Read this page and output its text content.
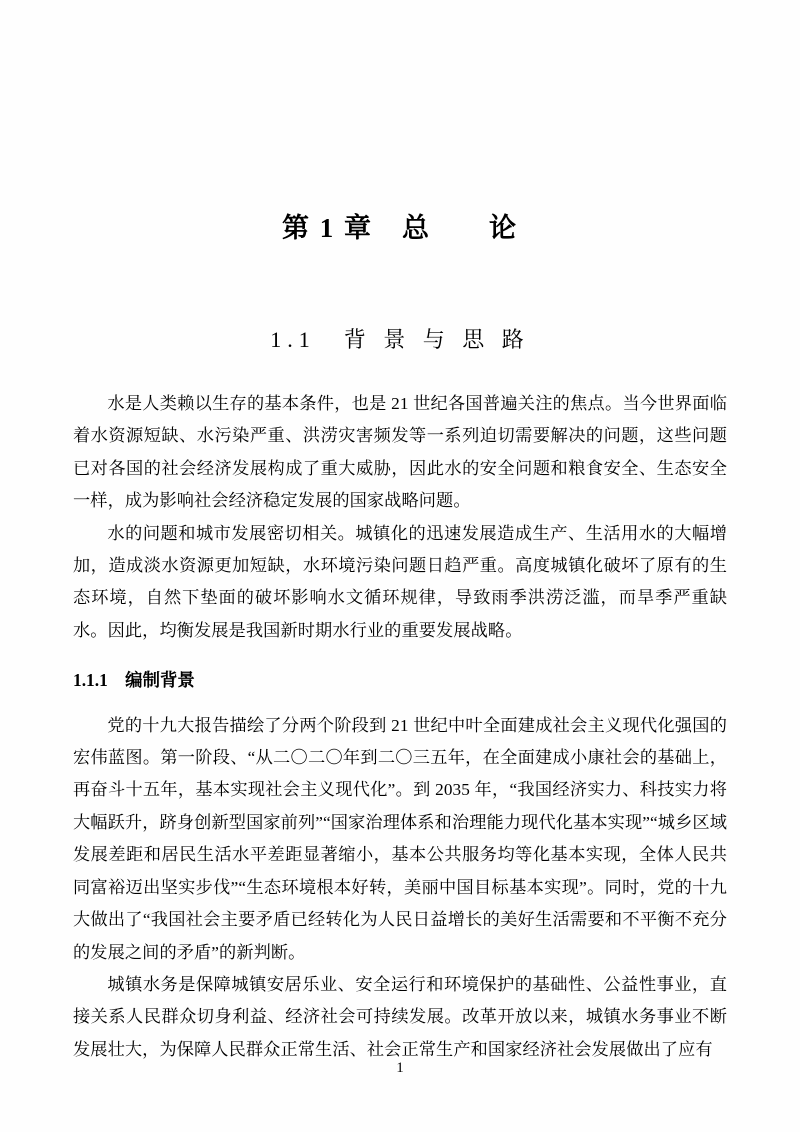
第 1 章　总　　论
1.1　背 景 与 思 路

水是人类赖以生存的基本条件，也是 21 世纪各国普遍关注的焦点。当今世界面临着水资源短缺、水污染严重、洪涝灾害频发等一系列迫切需要解决的问题，这些问题已对各国的社会经济发展构成了重大威胁，因此水的安全问题和粮食安全、生态安全一样，成为影响社会经济稳定发展的国家战略问题。

水的问题和城市发展密切相关。城镇化的迅速发展造成生产、生活用水的大幅增加，造成淡水资源更加短缺，水环境污染问题日趋严重。高度城镇化破坏了原有的生态环境，自然下垫面的破坏影响水文循环规律，导致雨季洪涝泛滥，而旱季严重缺水。因此，均衡发展是我国新时期水行业的重要发展战略。

1.1.1　编制背景

党的十九大报告描绘了分两个阶段到 21 世纪中叶全面建成社会主义现代化强国的宏伟蓝图。第一阶段、“从二〇二〇年到二〇三五年，在全面建成小康社会的基础上，再奋斗十五年，基本实现社会主义现代化”。到 2035 年，“我国经济实力、科技实力将大幅跃升，跻身创新型国家前列”“国家治理体系和治理能力现代化基本实现”“城乡区域发展差距和居民生活水平差距显著缩小，基本公共服务均等化基本实现，全体人民共同富裕迈出坚实步伐”“生态环境根本好转，美丽中国目标基本实现”。同时，党的十九大做出了“我国社会主要矛盾已经转化为人民日益增长的美好生活需要和不平衡不充分的发展之间的矛盾”的新判断。

城镇水务是保障城镇安居乐业、安全运行和环境保护的基础性、公益性事业，直接关系人民群众切身利益、经济社会可持续发展。改革开放以来，城镇水务事业不断发展壮大，为保障人民群众正常生活、社会正常生产和国家经济社会发展做出了应有

1
